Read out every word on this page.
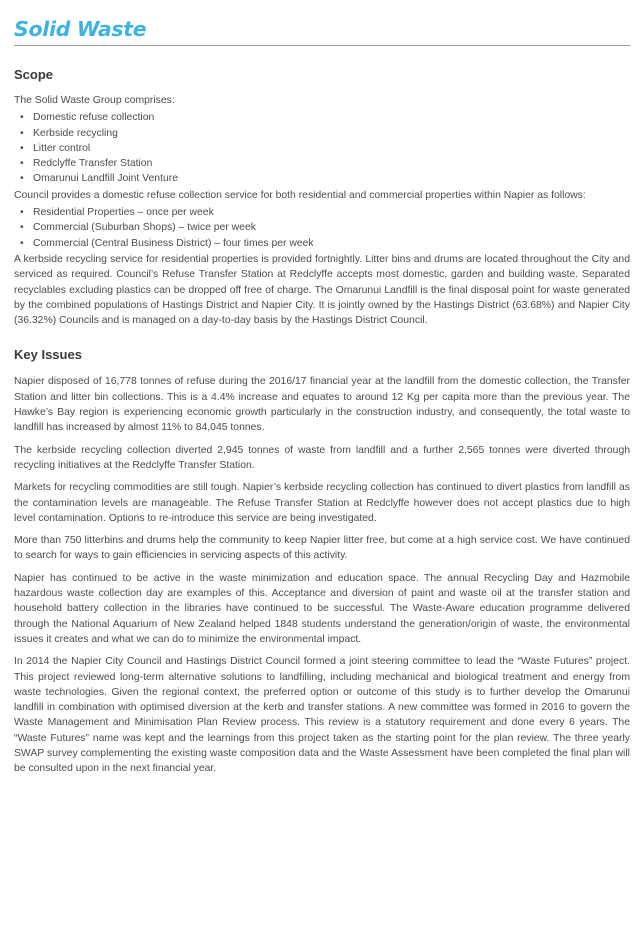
Solid Waste
Scope

The Solid Waste Group comprises:

• Domestic refuse collection
• Kerbside recycling
• Litter control
• Redclyffe Transfer Station
• Omarunui Landfill Joint Venture

Council provides a domestic refuse collection service for both residential and commercial properties within Napier as follows:

• Residential Properties – once per week
• Commercial (Suburban Shops) – twice per week
• Commercial (Central Business District) – four times per week

A kerbside recycling service for residential properties is provided fortnightly. Litter bins and drums are located throughout the City and serviced as required. Council’s Refuse Transfer Station at Redclyffe accepts most domestic, garden and building waste. Separated recyclables excluding plastics can be dropped off free of charge. The Omarunui Landfill is the final disposal point for waste generated by the combined populations of Hastings District and Napier City. It is jointly owned by the Hastings District (63.68%) and Napier City (36.32%) Councils and is managed on a day-to-day basis by the Hastings District Council.

Key Issues

Napier disposed of 16,778 tonnes of refuse during the 2016/17 financial year at the landfill from the domestic collection, the Transfer Station and litter bin collections. This is a 4.4% increase and equates to around 12 Kg per capita more than the previous year. The Hawke’s Bay region is experiencing economic growth particularly in the construction industry, and consequently, the total waste to landfill has increased by almost 11% to 84,045 tonnes.

The kerbside recycling collection diverted 2,945 tonnes of waste from landfill and a further 2,565 tonnes were diverted through recycling initiatives at the Redclyffe Transfer Station.

Markets for recycling commodities are still tough. Napier’s kerbside recycling collection has continued to divert plastics from landfill as the contamination levels are manageable. The Refuse Transfer Station at Redclyffe however does not accept plastics due to high level contamination. Options to re-introduce this service are being investigated.

More than 750 litterbins and drums help the community to keep Napier litter free, but come at a high service cost. We have continued to search for ways to gain efficiencies in servicing aspects of this activity.

Napier has continued to be active in the waste minimization and education space. The annual Recycling Day and Hazmobile hazardous waste collection day are examples of this. Acceptance and diversion of paint and waste oil at the transfer station and household battery collection in the libraries have continued to be successful. The Waste-Aware education programme delivered through the National Aquarium of New Zealand helped 1848 students understand the generation/origin of waste, the environmental issues it creates and what we can do to minimize the environmental impact.

In 2014 the Napier City Council and Hastings District Council formed a joint steering committee to lead the “Waste Futures” project. This project reviewed long-term alternative solutions to landfilling, including mechanical and biological treatment and energy from waste technologies. Given the regional context, the preferred option or outcome of this study is to further develop the Omarunui landfill in combination with optimised diversion at the kerb and transfer stations. A new committee was formed in 2016 to govern the Waste Management and Minimisation Plan Review process. This review is a statutory requirement and done every 6 years. The “Waste Futures” name was kept and the learnings from this project taken as the starting point for the plan review. The three yearly SWAP survey complementing the existing waste composition data and the Waste Assessment have been completed the final plan will be consulted upon in the next financial year.
